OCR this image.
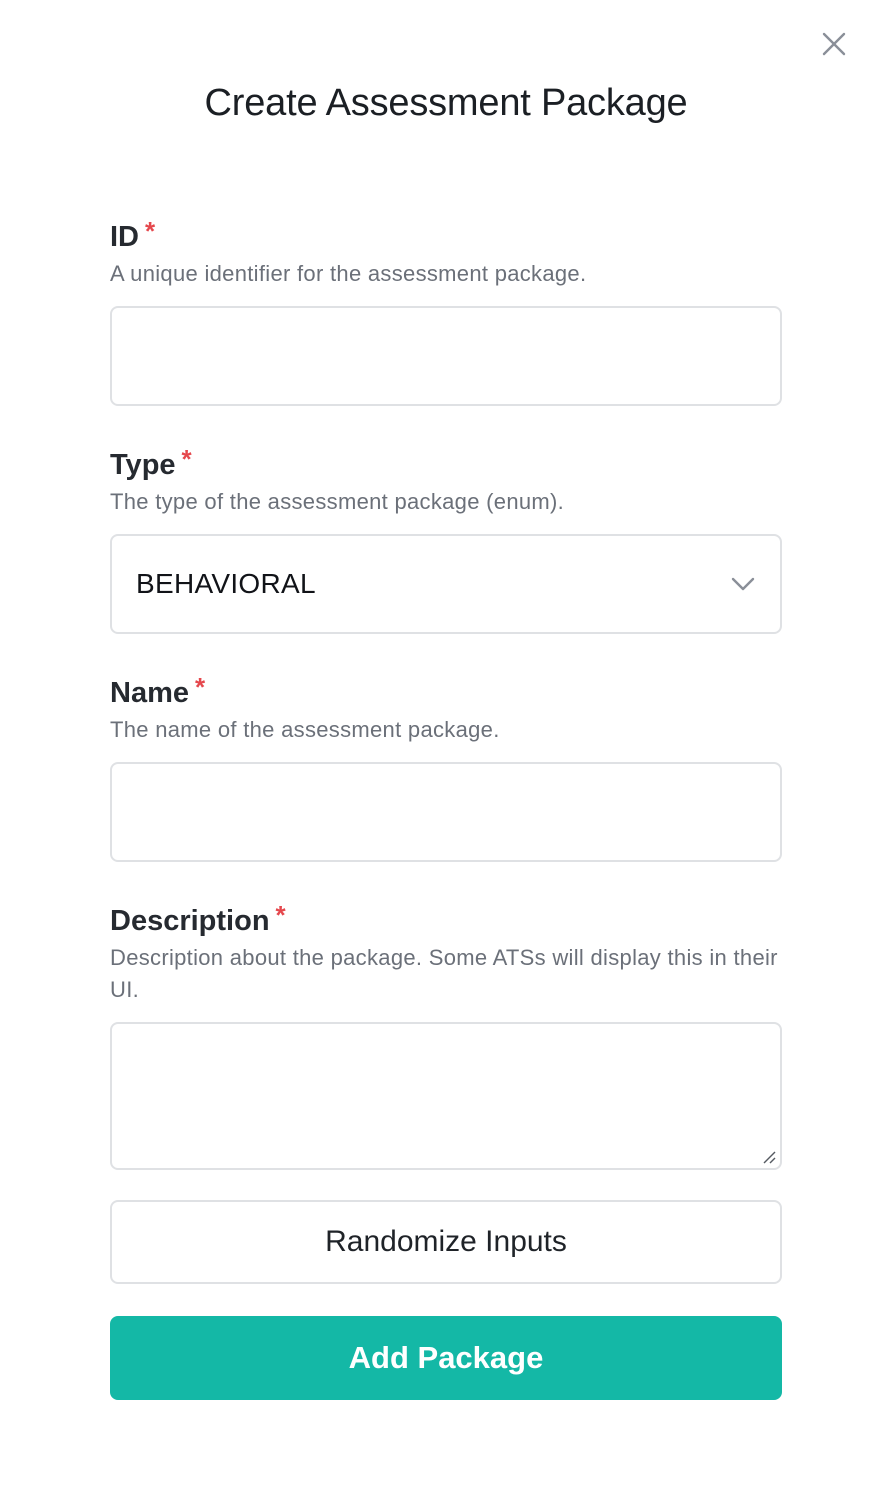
Create Assessment Package

ID *

A unique identifier for the assessment package.

Type *

The type of the assessment package (enum).

BEHAVIORAL

Name *

The name of the assessment package.

Description *

Description about the package. Some ATSs will display this in their UI.

Randomize Inputs
Add Package
